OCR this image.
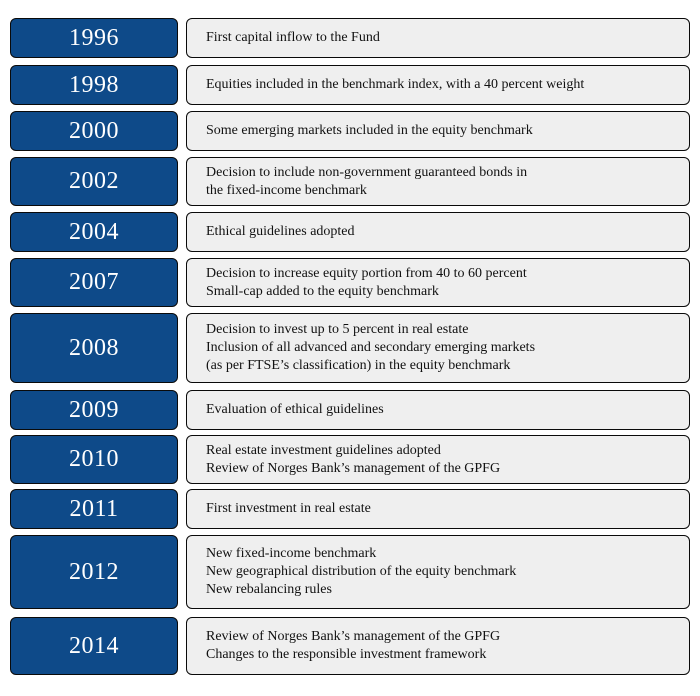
1996	First capital inflow to the Fund
1998	Equities included in the benchmark index, with a 40 percent weight
2000	Some emerging markets included in the equity benchmark
2002	Decision to include non-government guaranteed bonds in
the fixed-income benchmark
2004	Ethical guidelines adopted
2007	Decision to increase equity portion from 40 to 60 percent
Small-cap added to the equity benchmark
2008
Decision to invest up to 5 percent in real estate
Inclusion of all advanced and secondary emerging markets
(as per FTSE’s classification) in the equity benchmark
2009	Evaluation of ethical guidelines
2010	Real estate investment guidelines adopted
Review of Norges Bank’s management of the GPFG
2011	First investment in real estate
2012
New fixed-income benchmark
New geographical distribution of the equity benchmark
New rebalancing rules
2014	Review of Norges Bank’s management of the GPFG
Changes to the responsible investment framework
